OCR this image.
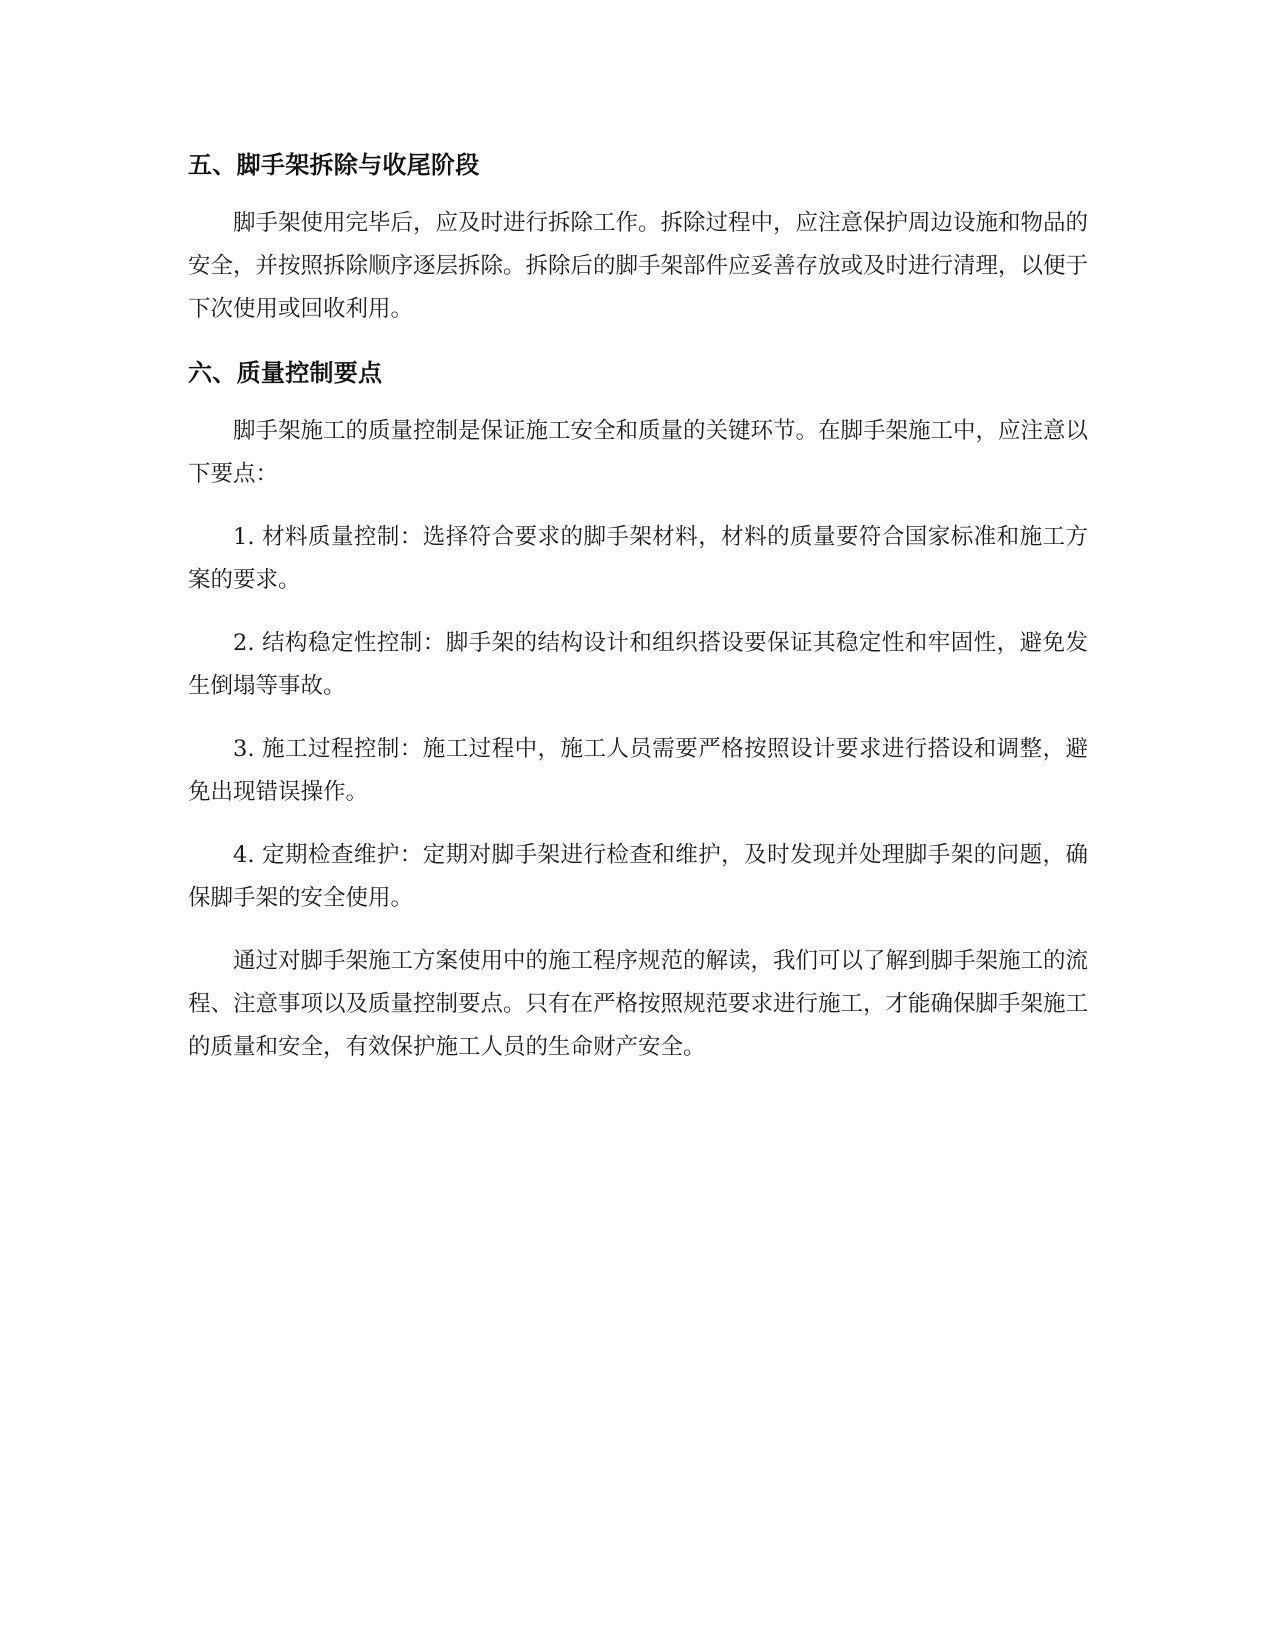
五、脚手架拆除与收尾阶段

脚手架使用完毕后，应及时进行拆除工作。拆除过程中，应注意保护周边设施和物品的安全，并按照拆除顺序逐层拆除。拆除后的脚手架部件应妥善存放或及时进行清理，以便于下次使用或回收利用。

六、质量控制要点

脚手架施工的质量控制是保证施工安全和质量的关键环节。在脚手架施工中，应注意以下要点：

1. 材料质量控制：选择符合要求的脚手架材料，材料的质量要符合国家标准和施工方案的要求。

2. 结构稳定性控制：脚手架的结构设计和组织搭设要保证其稳定性和牢固性，避免发生倒塌等事故。

3. 施工过程控制：施工过程中，施工人员需要严格按照设计要求进行搭设和调整，避免出现错误操作。

4. 定期检查维护：定期对脚手架进行检查和维护，及时发现并处理脚手架的问题，确保脚手架的安全使用。

通过对脚手架施工方案使用中的施工程序规范的解读，我们可以了解到脚手架施工的流程、注意事项以及质量控制要点。只有在严格按照规范要求进行施工，才能确保脚手架施工的质量和安全，有效保护施工人员的生命财产安全。
